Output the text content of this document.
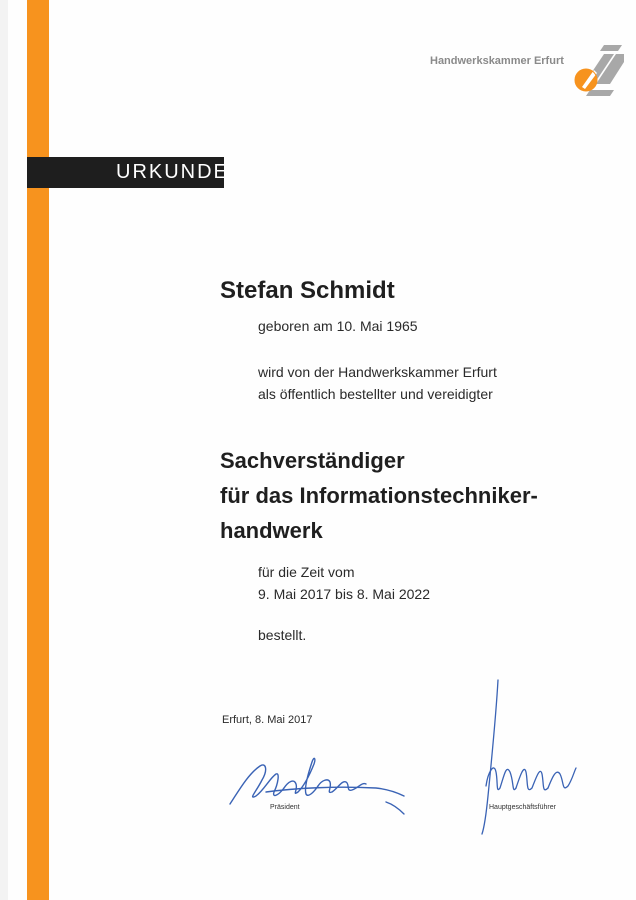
Handwerkskammer Erfurt
URKUNDE
Stefan Schmidt
geboren am 10. Mai 1965
wird von der Handwerkskammer Erfurt
als öffentlich bestellter und vereidigter
Sachverständiger
für das Informationstechniker-
handwerk
für die Zeit vom
9. Mai 2017 bis 8. Mai 2022
bestellt.
Erfurt, 8. Mai 2017
Präsident	Hauptgeschäftsführer
